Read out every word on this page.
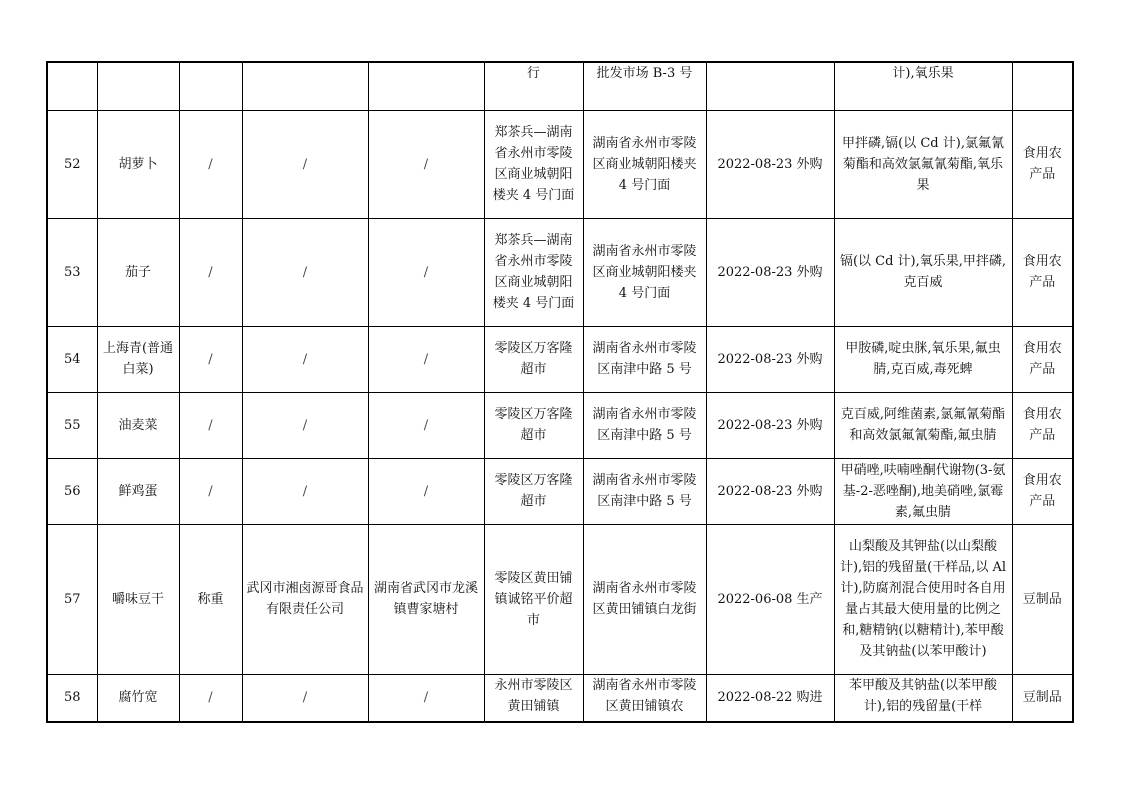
					行	批发市场 B-3 号		计),氧乐果	
52	胡萝卜	/	/	/	郑茶兵—湖南省永州市零陵区商业城朝阳楼夹 4 号门面	湖南省永州市零陵区商业城朝阳楼夹 4 号门面	2022-08-23 外购	甲拌磷,镉(以 Cd 计),氯氟氰菊酯和高效氯氟氰菊酯,氧乐果	食用农产品
53	茄子	/	/	/	郑茶兵—湖南省永州市零陵区商业城朝阳楼夹 4 号门面	湖南省永州市零陵区商业城朝阳楼夹 4 号门面	2022-08-23 外购	镉(以 Cd 计),氧乐果,甲拌磷,克百威	食用农产品
54	上海青(普通白菜)	/	/	/	零陵区万客隆超市	湖南省永州市零陵区南津中路 5 号	2022-08-23 外购	甲胺磷,啶虫脒,氧乐果,氟虫腈,克百威,毒死蜱	食用农产品
55	油麦菜	/	/	/	零陵区万客隆超市	湖南省永州市零陵区南津中路 5 号	2022-08-23 外购	克百威,阿维菌素,氯氟氰菊酯和高效氯氟氰菊酯,氟虫腈	食用农产品
56	鲜鸡蛋	/	/	/	零陵区万客隆超市	湖南省永州市零陵区南津中路 5 号	2022-08-23 外购	甲硝唑,呋喃唑酮代谢物(3-氨基-2-恶唑酮),地美硝唑,氯霉素,氟虫腈	食用农产品
57	嚼味豆干	称重	武冈市湘卤源哥食品有限责任公司	湖南省武冈市龙溪镇曹家塘村	零陵区黄田铺镇诚铭平价超市	湖南省永州市零陵区黄田铺镇白龙街	2022-06-08 生产	山梨酸及其钾盐(以山梨酸计),铝的残留量(干样品,以 Al 计),防腐剂混合使用时各自用量占其最大使用量的比例之和,糖精钠(以糖精计),苯甲酸及其钠盐(以苯甲酸计)	豆制品
58	腐竹宽	/	/	/	永州市零陵区黄田铺镇	湖南省永州市零陵区黄田铺镇农	2022-08-22 购进	苯甲酸及其钠盐(以苯甲酸计),铝的残留量(干样	豆制品
